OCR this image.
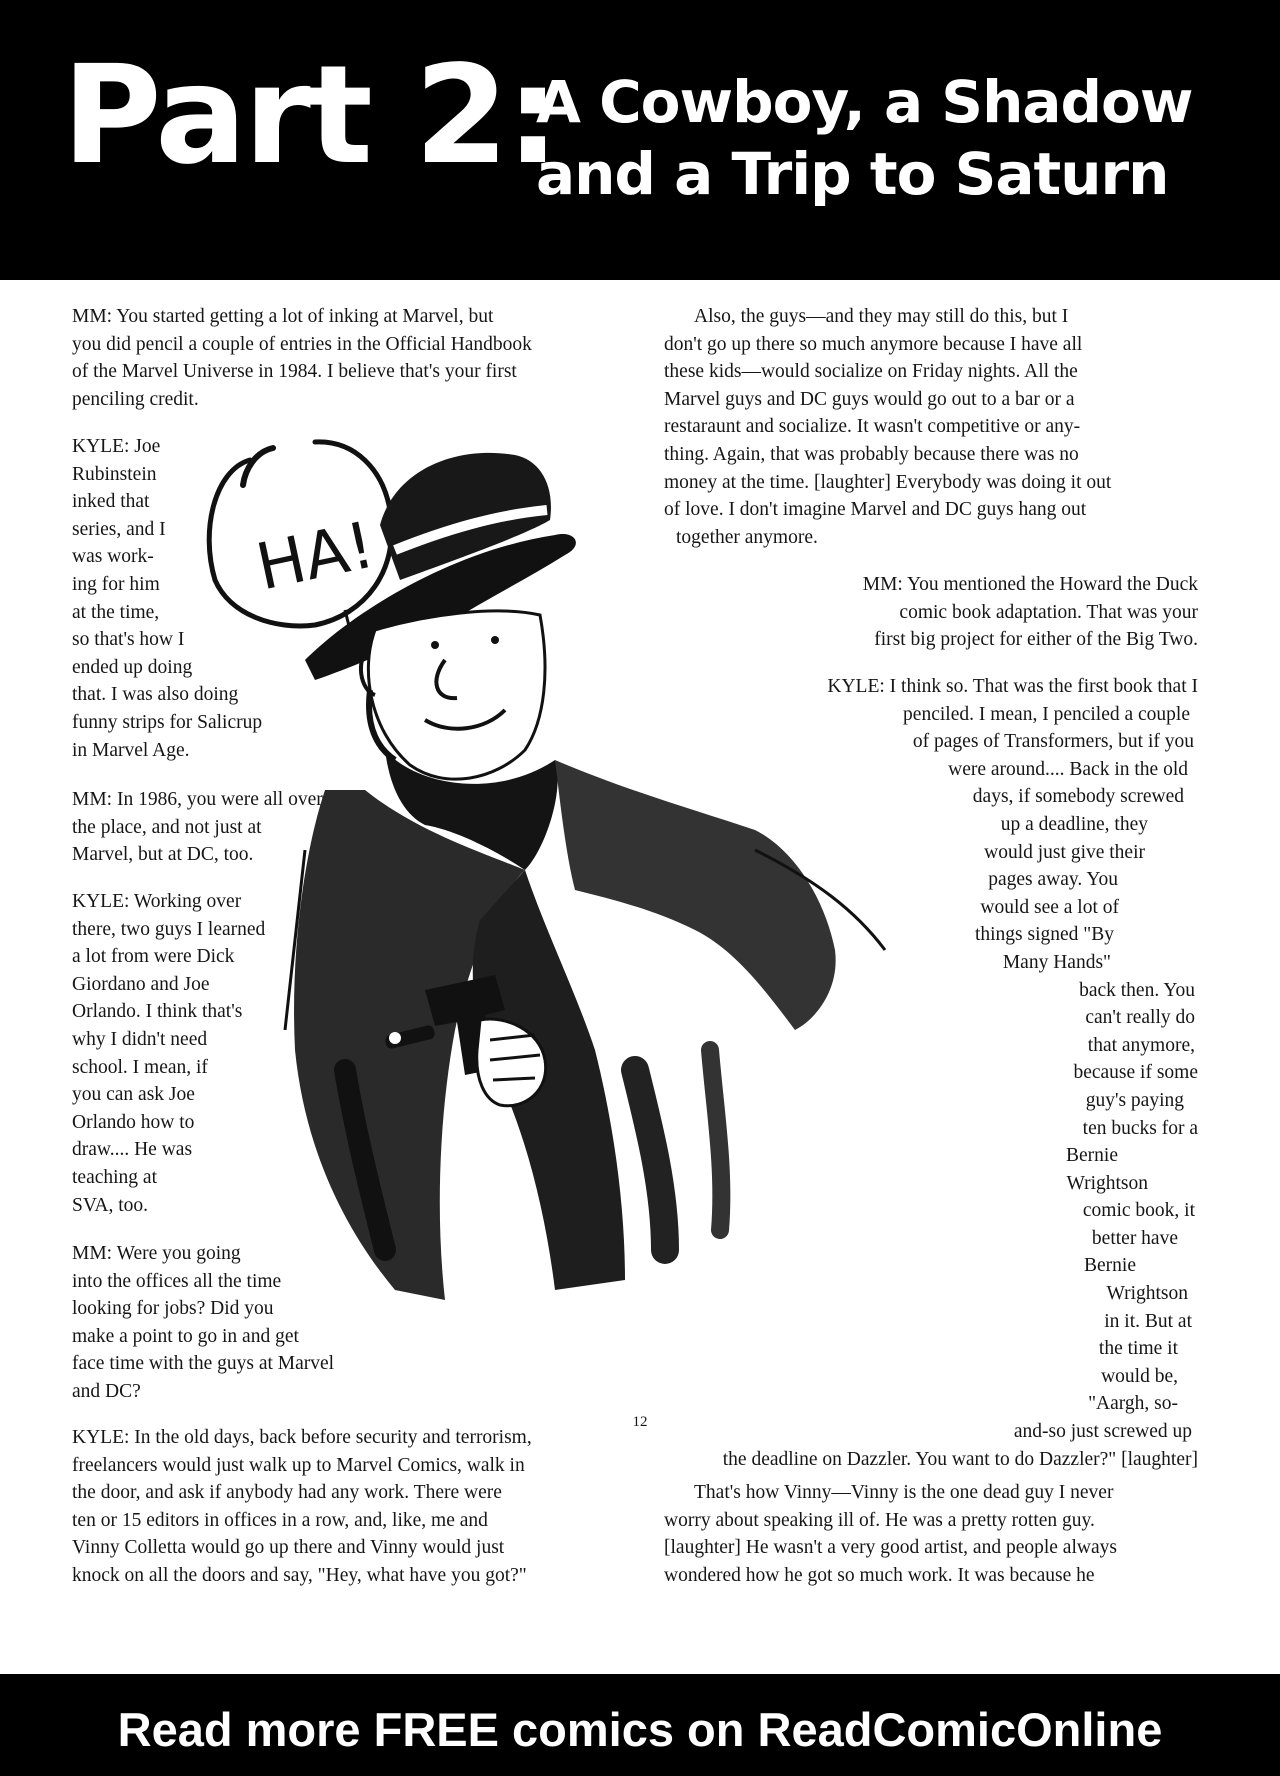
Part 2:
A Cowboy, a Shadow
and a Trip to Saturn
HA!
MM: You started getting a lot of inking at Marvel, but
you did pencil a couple of entries in the Official Handbook
of the Marvel Universe in 1984. I believe that's your first
penciling credit.
KYLE: Joe
Rubinstein
inked that
series, and I
was work-
ing for him
at the time,
so that's how I
ended up doing
that. I was also doing
funny strips for Salicrup
in Marvel Age.
MM: In 1986, you were all over
the place, and not just at
Marvel, but at DC, too.
KYLE: Working over
there, two guys I learned
a lot from were Dick
Giordano and Joe
Orlando. I think that's
why I didn't need
school. I mean, if
you can ask Joe
Orlando how to
draw.... He was
teaching at
SVA, too.
MM: Were you going
into the offices all the time
looking for jobs? Did you
make a point to go in and get
face time with the guys at Marvel
and DC?
KYLE: In the old days, back before security and terrorism,
freelancers would just walk up to Marvel Comics, walk in
the door, and ask if anybody had any work. There were
ten or 15 editors in offices in a row, and, like, me and
Vinny Colletta would go up there and Vinny would just
knock on all the doors and say, "Hey, what have you got?"
Also, the guys—and they may still do this, but I
don't go up there so much anymore because I have all
these kids—would socialize on Friday nights. All the
Marvel guys and DC guys would go out to a bar or a
restaraunt and socialize. It wasn't competitive or any-
thing. Again, that was probably because there was no
money at the time. [laughter] Everybody was doing it out
of love. I don't imagine Marvel and DC guys hang out
together anymore.
MM: You mentioned the Howard the Duck
comic book adaptation. That was your
first big project for either of the Big Two.
KYLE: I think so. That was the first book that I
penciled. I mean, I penciled a couple
of pages of Transformers, but if you
were around.... Back in the old
days, if somebody screwed
up a deadline, they
would just give their
pages away. You
would see a lot of
things signed "By
Many Hands"
back then. You
can't really do
that anymore,
because if some
guy's paying
ten bucks for a
Bernie
Wrightson
comic book, it
better have
Bernie
Wrightson
in it. But at
the time it
would be,
"Aargh, so-
and-so just screwed up
the deadline on Dazzler. You want to do Dazzler?" [laughter]
That's how Vinny—Vinny is the one dead guy I never
worry about speaking ill of. He was a pretty rotten guy.
[laughter] He wasn't a very good artist, and people always
wondered how he got so much work. It was because he
12
Read more FREE comics on ReadComicOnline
